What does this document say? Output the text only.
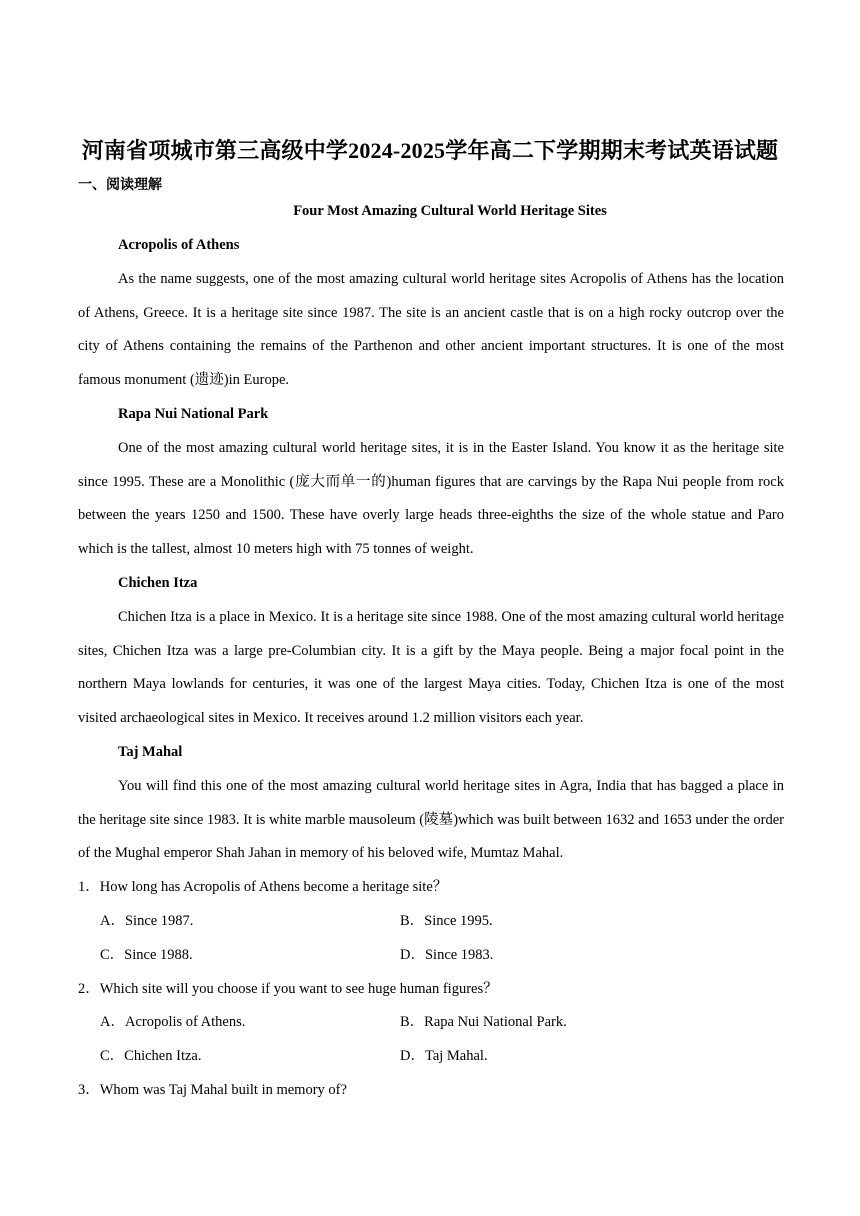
河南省项城市第三高级中学2024-2025学年高二下学期期末考试英语试题
一、阅读理解
Four Most Amazing Cultural World Heritage Sites
Acropolis of Athens

As the name suggests, one of the most amazing cultural world heritage sites Acropolis of Athens has the location of Athens, Greece. It is a heritage site since 1987. The site is an ancient castle that is on a high rocky outcrop over the city of Athens containing the remains of the Parthenon and other ancient important structures. It is one of the most famous monument (遗迹)in Europe.

Rapa Nui National Park

One of the most amazing cultural world heritage sites, it is in the Easter Island. You know it as the heritage site since 1995. These are a Monolithic (庞大而单一的)human figures that are carvings by the Rapa Nui people from rock between the years 1250 and 1500. These have overly large heads three-eighths the size of the whole statue and Paro which is the tallest, almost 10 meters high with 75 tonnes of weight.

Chichen Itza

Chichen Itza is a place in Mexico. It is a heritage site since 1988. One of the most amazing cultural world heritage sites, Chichen Itza was a large pre-Columbian city. It is a gift by the Maya people. Being a major focal point in the northern Maya lowlands for centuries, it was one of the largest Maya cities. Today, Chichen Itza is one of the most visited archaeological sites in Mexico. It receives around 1.2 million visitors each year.

Taj Mahal

You will find this one of the most amazing cultural world heritage sites in Agra, India that has bagged a place in the heritage site since 1983. It is white marble mausoleum (陵墓)which was built between 1632 and 1653 under the order of the Mughal emperor Shah Jahan in memory of his beloved wife, Mumtaz Mahal.

1．How long has Acropolis of Athens become a heritage site？

A．Since 1987.	B．Since 1995.
C．Since 1988.	D．Since 1983.

2．Which site will you choose if you want to see huge human figures？

A．Acropolis of Athens.	B．Rapa Nui National Park.
C．Chichen Itza.	D．Taj Mahal.

3．Whom was Taj Mahal built in memory of?
